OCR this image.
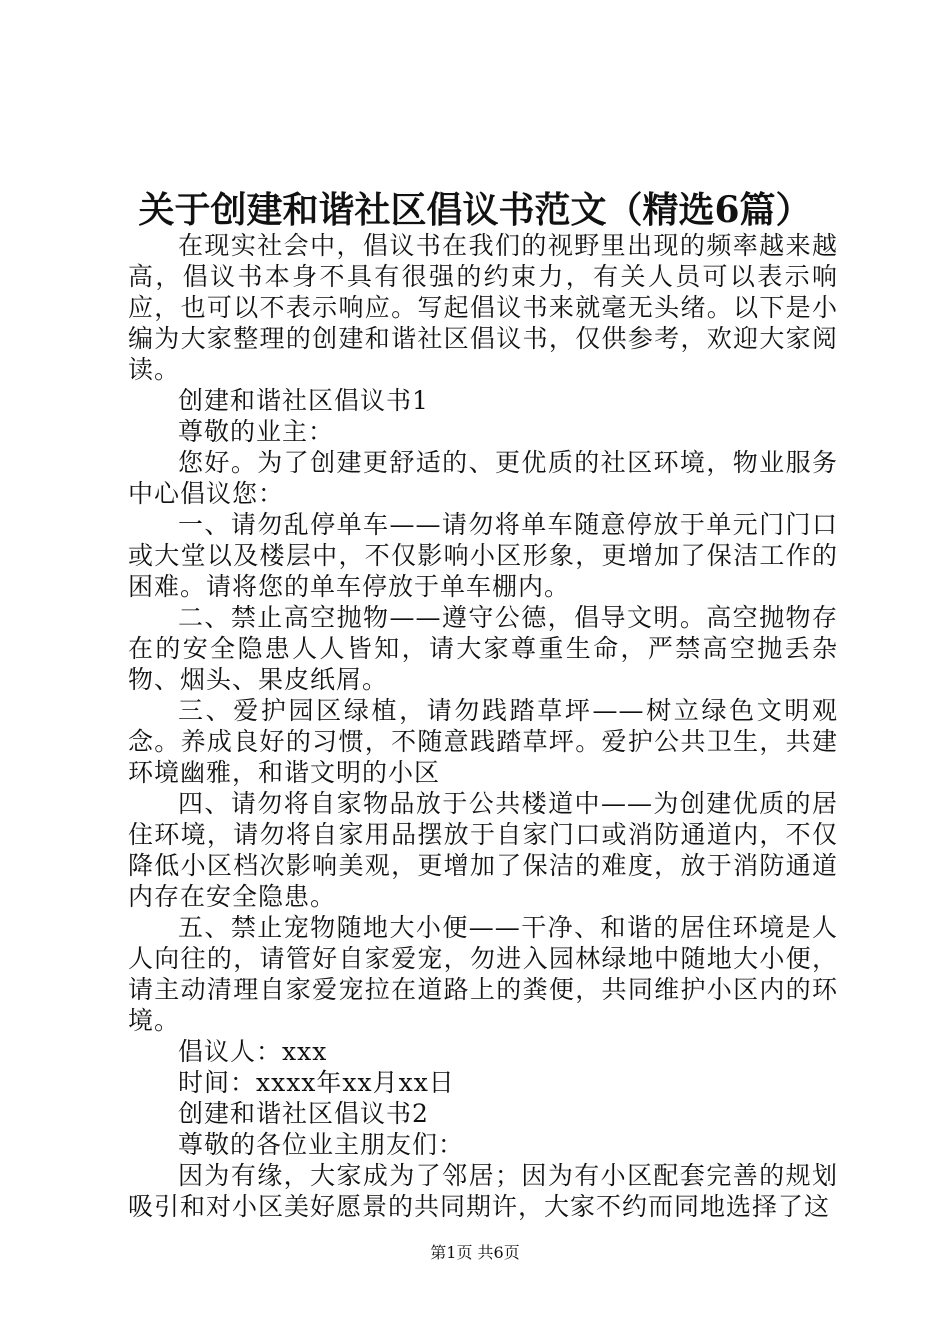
关于创建和谐社区倡议书范文（精选6篇）

在现实社会中，倡议书在我们的视野里出现的频率越来越高，倡议书本身不具有很强的约束力，有关人员可以表示响应，也可以不表示响应。写起倡议书来就毫无头绪。以下是小编为大家整理的创建和谐社区倡议书，仅供参考，欢迎大家阅读。

创建和谐社区倡议书1

尊敬的业主：

您好。为了创建更舒适的、更优质的社区环境，物业服务中心倡议您：

一、请勿乱停单车——请勿将单车随意停放于单元门门口或大堂以及楼层中，不仅影响小区形象，更增加了保洁工作的困难。请将您的单车停放于单车棚内。

二、禁止高空抛物——遵守公德，倡导文明。高空抛物存在的安全隐患人人皆知，请大家尊重生命，严禁高空抛丢杂物、烟头、果皮纸屑。

三、爱护园区绿植，请勿践踏草坪——树立绿色文明观念。养成良好的习惯，不随意践踏草坪。爱护公共卫生，共建环境幽雅，和谐文明的小区

四、请勿将自家物品放于公共楼道中——为创建优质的居住环境，请勿将自家用品摆放于自家门口或消防通道内，不仅降低小区档次影响美观，更增加了保洁的难度，放于消防通道内存在安全隐患。

五、禁止宠物随地大小便——干净、和谐的居住环境是人人向往的，请管好自家爱宠，勿进入园林绿地中随地大小便，请主动清理自家爱宠拉在道路上的粪便，共同维护小区内的环境。

倡议人：xxx

时间：xxxx年xx月xx日

创建和谐社区倡议书2

尊敬的各位业主朋友们：

因为有缘，大家成为了邻居；因为有小区配套完善的规划吸引和对小区美好愿景的共同期许，大家不约而同地选择了这

第1页 共6页
